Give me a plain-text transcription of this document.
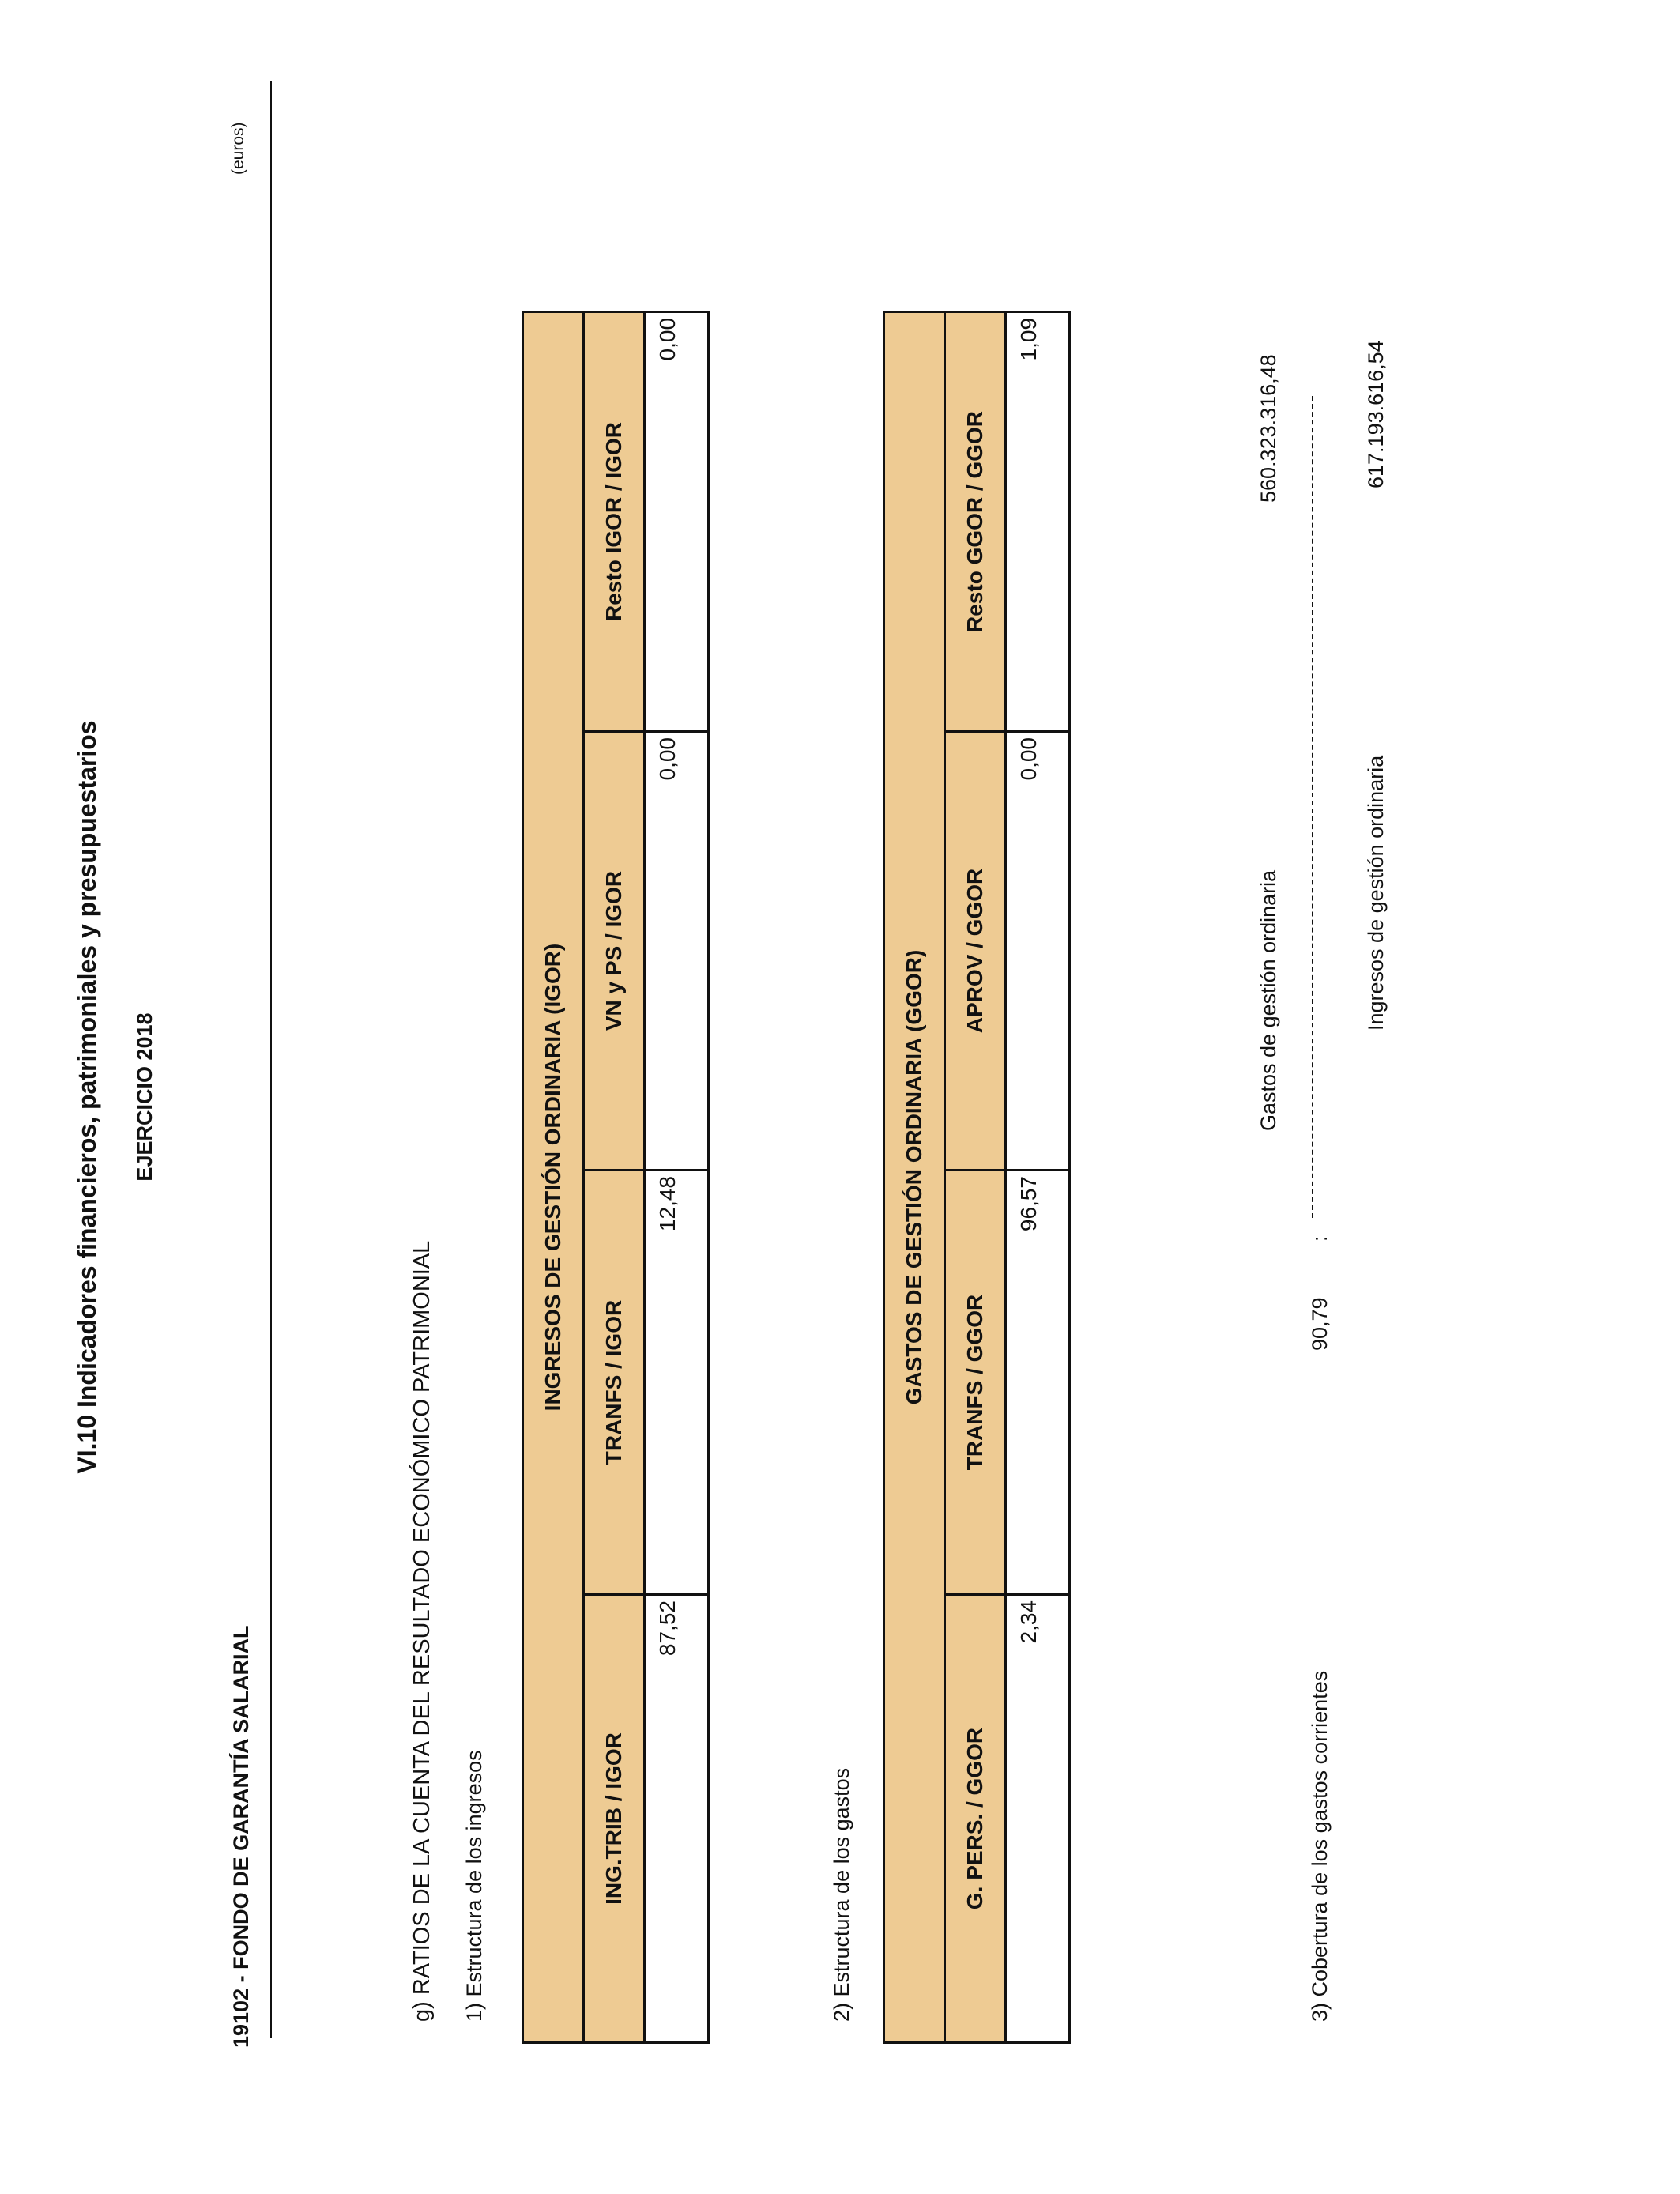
VI.10 Indicadores financieros, patrimoniales y presupuestarios EJERCICIO 2018
19102 - FONDO DE GARANTÍA SALARIAL
(euros)
g) RATIOS DE LA CUENTA DEL RESULTADO ECONÓMICO PATRIMONIAL 1) Estructura de los ingresos
INGRESOS DE GESTIÓN ORDINARIA (IGOR)			
ING.TRIB / IGOR	TRANFS / IGOR	VN y PS / IGOR	Resto IGOR / IGOR
87,52	12,48	0,00	0,00
2) Estructura de los gastos
GASTOS DE GESTIÓN ORDINARIA (GGOR)			
G. PERS. / GGOR	TRANFS / GGOR	APROV / GGOR	Resto GGOR / GGOR
2,34	96,57	0,00	1,09
3) Cobertura de los gastos corrientes
90,79
:
Gastos de gestión ordinaria
560.323.316,48
Ingresos de gestión ordinaria
617.193.616,54
